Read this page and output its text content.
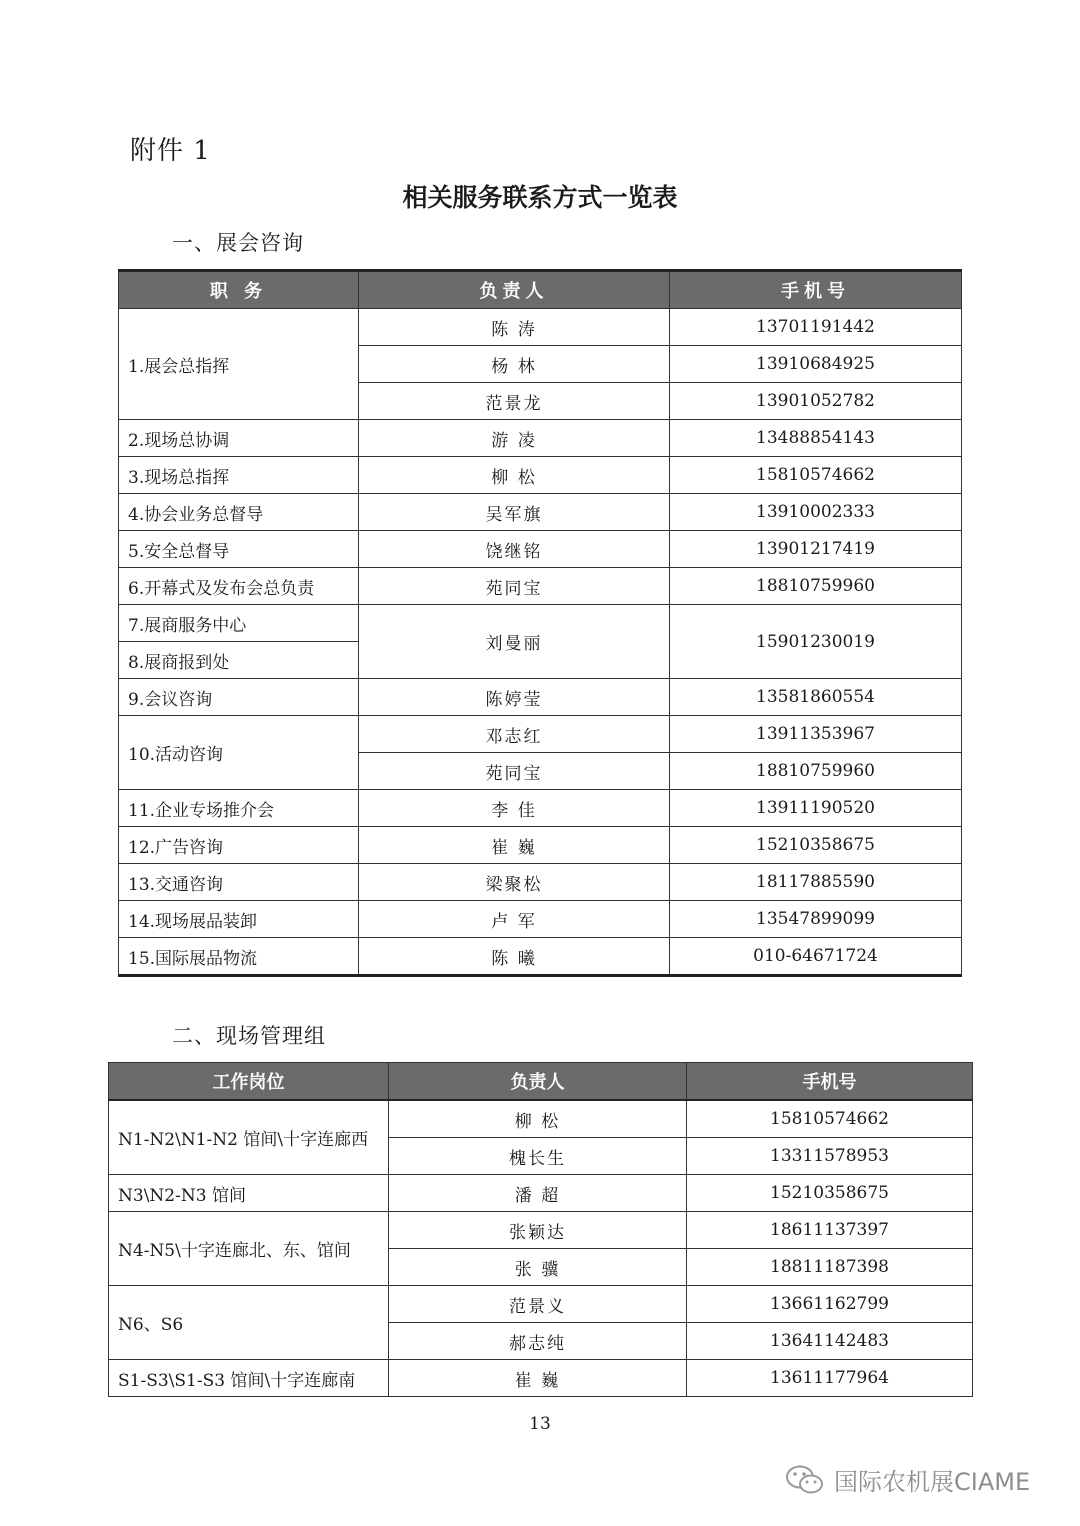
附件 1
相关服务联系方式一览表
一、展会咨询
职 务	负责人	手机号
1.展会总指挥	陈 涛	13701191442
	杨 林	13910684925
	范景龙	13901052782
2.现场总协调	游 凌	13488854143
3.现场总指挥	柳 松	15810574662
4.协会业务总督导	吴军旗	13910002333
5.安全总督导	饶继铭	13901217419
6.开幕式及发布会总负责	苑同宝	18810759960
7.展商服务中心	刘曼丽	15901230019
8.展商报到处		
9.会议咨询	陈婷莹	13581860554
10.活动咨询	邓志红	13911353967
	苑同宝	18810759960
11.企业专场推介会	李 佳	13911190520
12.广告咨询	崔 巍	15210358675
13.交通咨询	梁聚松	18117885590
14.现场展品装卸	卢 军	13547899099
15.国际展品物流	陈 曦	010-64671724
二、现场管理组
工作岗位	负责人	手机号
N1-N2\N1-N2 馆间\十字连廊西	柳 松	15810574662
	槐长生	13311578953
N3\N2-N3 馆间	潘 超	15210358675
N4-N5\十字连廊北、东、馆间	张颖达	18611137397
	张 骥	18811187398
N6、S6	范景义	13661162799
	郝志纯	13641142483
S1-S3\S1-S3 馆间\十字连廊南	崔 巍	13611177964
13
国际农机展CIAME
